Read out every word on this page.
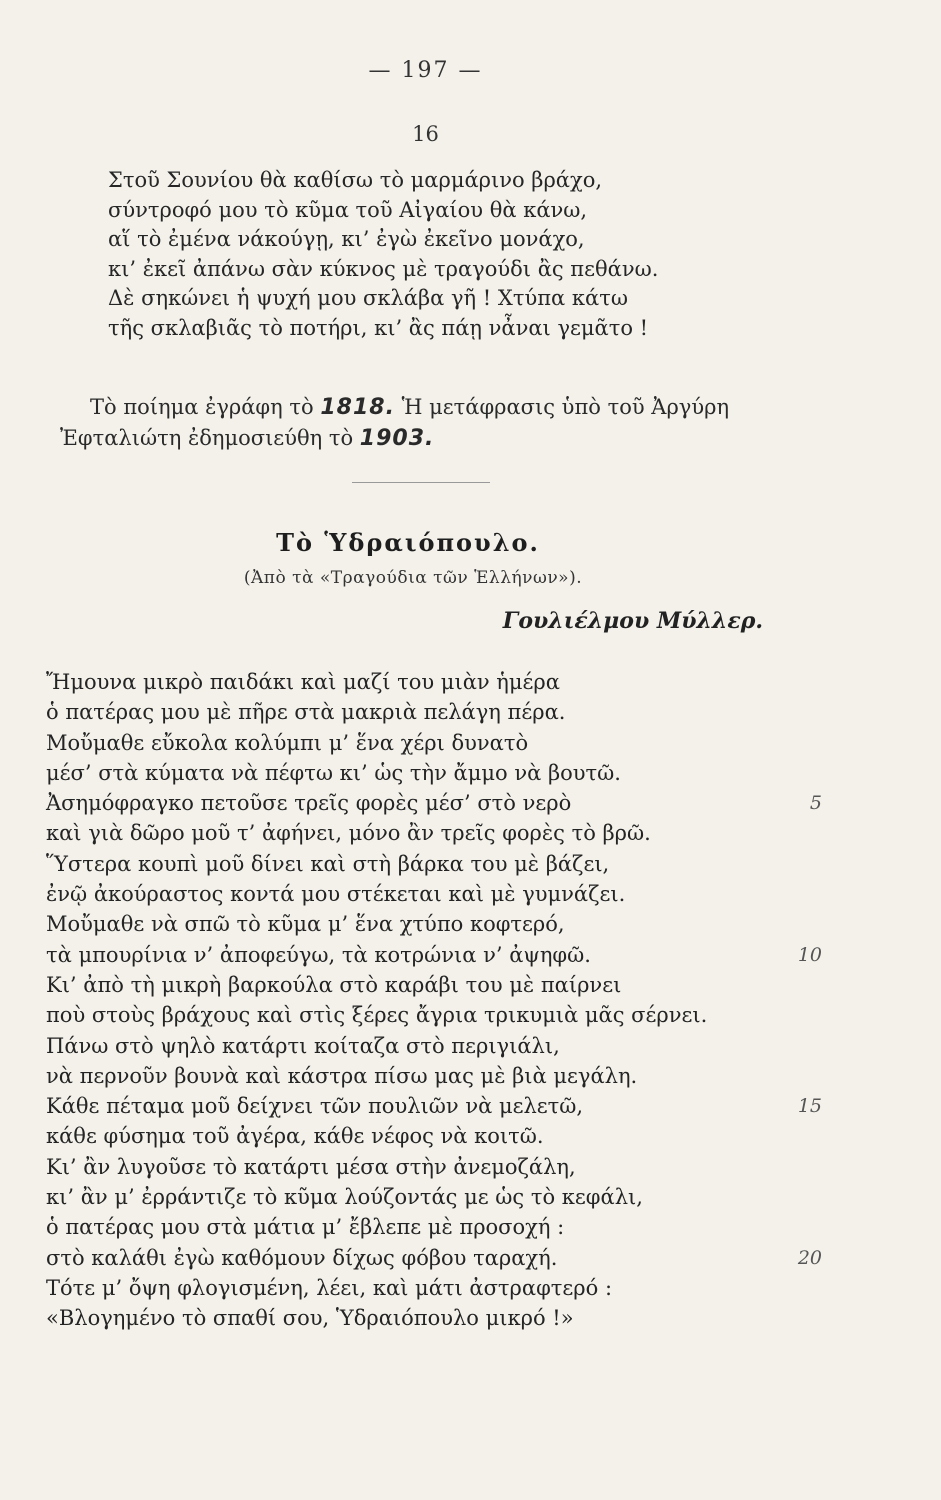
— 197 —
16
Στοῦ Σουνίου θὰ καθίσω τὸ μαρμάρινο βράχο,
σύντροφό μου τὸ κῦμα τοῦ Αἰγαίου θὰ κάνω,
αἵ τὸ ἐμένα νάκούγῃ, κι’ ἐγὼ ἐκεῖνο μονάχο,
κι’ ἐκεῖ ἀπάνω σὰν κύκνος μὲ τραγούδι ἂς πεθάνω.
Δὲ σηκώνει ἡ ψυχή μου σκλάβα γῆ ! Χτύπα κάτω
τῆς σκλαβιᾶς τὸ ποτήρι, κι’ ἂς πάῃ νἆναι γεμᾶτο !
Τὸ ποίημα ἐγράφη τὸ 1818. Ἡ μετάφρασις ὑπὸ τοῦ Ἀργύρη
Ἐφταλιώτη ἐδημοσιεύθη τὸ 1903.
Τὸ Ὑδραιόπουλο.
(Ἀπὸ τὰ «Τραγούδια τῶν Ἑλλήνων»).
Γουλιέλμου Μύλλερ.
Ἤμουνα μικρὸ παιδάκι καὶ μαζί του μιὰν ἡμέρα
ὁ πατέρας μου μὲ πῆρε στὰ μακριὰ πελάγη πέρα.
Μοὔμαθε εὔκολα κολύμπι μ’ ἕνα χέρι δυνατὸ
μέσ’ στὰ κύματα νὰ πέφτω κι’ ὡς τὴν ἄμμο νὰ βουτῶ.
Ἀσημόφραγκο πετοῦσε τρεῖς φορὲς μέσ’ στὸ νερὸ	5
καὶ γιὰ δῶρο μοῦ τ’ ἀφήνει, μόνο ἂν τρεῖς φορὲς τὸ βρῶ.
Ὕστερα κουπὶ μοῦ δίνει καὶ στὴ βάρκα του μὲ βάζει,
ἐνῷ ἀκούραστος κοντά μου στέκεται καὶ μὲ γυμνάζει.
Μοὔμαθε νὰ σπῶ τὸ κῦμα μ’ ἕνα χτύπο κοφτερό,
τὰ μπουρίνια ν’ ἀποφεύγω, τὰ κοτρώνια ν’ ἀψηφῶ.	10
Κι’ ἀπὸ τὴ μικρὴ βαρκούλα στὸ καράβι του μὲ παίρνει
ποὺ στοὺς βράχους καὶ στὶς ξέρες ἄγρια τρικυμιὰ μᾶς σέρνει.
Πάνω στὸ ψηλὸ κατάρτι κοίταζα στὸ περιγιάλι,
νὰ περνοῦν βουνὰ καὶ κάστρα πίσω μας μὲ βιὰ μεγάλη.
Κάθε πέταμα μοῦ δείχνει τῶν πουλιῶν νὰ μελετῶ,	15
κάθε φύσημα τοῦ ἀγέρα, κάθε νέφος νὰ κοιτῶ.
Κι’ ἂν λυγοῦσε τὸ κατάρτι μέσα στὴν ἀνεμοζάλη,
κι’ ἂν μ’ ἐρράντιζε τὸ κῦμα λούζοντάς με ὡς τὸ κεφάλι,
ὁ πατέρας μου στὰ μάτια μ’ ἔβλεπε μὲ προσοχή :
στὸ καλάθι ἐγὼ καθόμουν δίχως φόβου ταραχή.	20
Τότε μ’ ὄψη φλογισμένη, λέει, καὶ μάτι ἀστραφτερό :
«Βλογημένο τὸ σπαθί σου, Ὑδραιόπουλο μικρό !»
